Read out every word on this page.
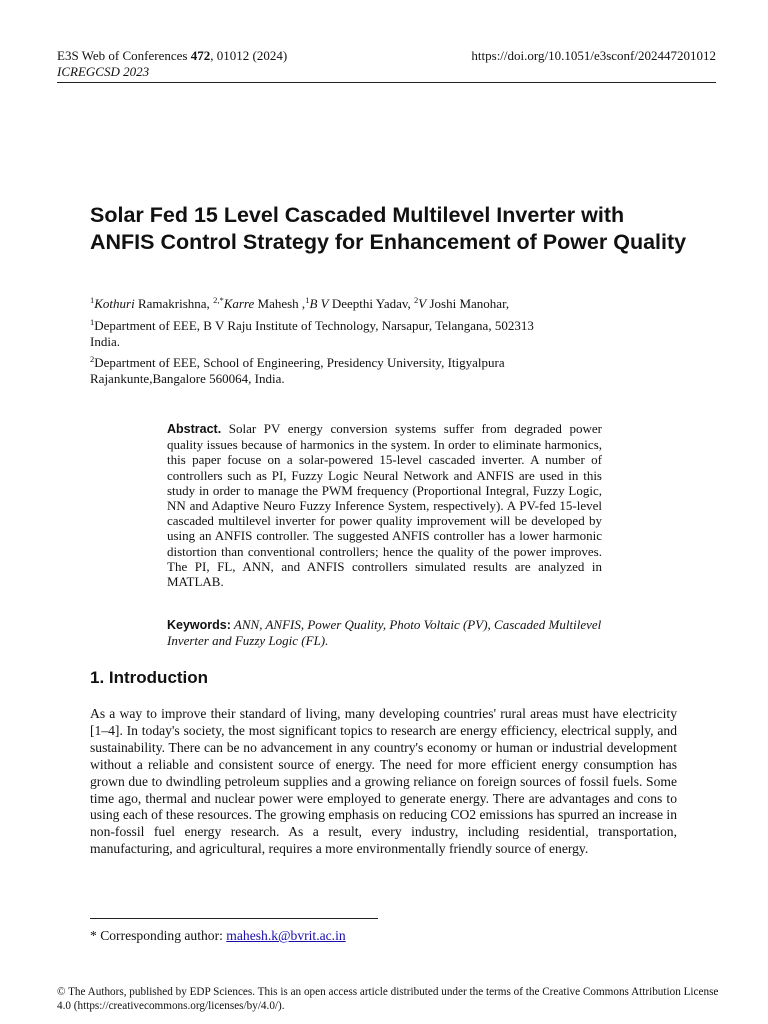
E3S Web of Conferences 472, 01012 (2024)
ICREGCSD 2023
https://doi.org/10.1051/e3sconf/202447201012
Solar Fed 15 Level Cascaded Multilevel Inverter with ANFIS Control Strategy for Enhancement of Power Quality
$^1$Kothuri Ramakrishna, $^{2,*}$Karre Mahesh ,$^1$B V Deepthi Yadav, $^2$V Joshi Manohar,
$^1$Department of EEE, B V Raju Institute of Technology, Narsapur, Telangana, 502313
India.
$^2$Department of EEE, School of Engineering, Presidency University, Itigyalpura
Rajankunte,Bangalore 560064, India.
Abstract. Solar PV energy conversion systems suffer from degraded power quality issues because of harmonics in the system. In order to eliminate harmonics, this paper focuse on a solar-powered 15-level cascaded inverter. A number of controllers such as PI, Fuzzy Logic Neural Network and ANFIS are used in this study in order to manage the PWM frequency (Proportional Integral, Fuzzy Logic, NN and Adaptive Neuro Fuzzy Inference System, respectively). A PV-fed 15-level cascaded multilevel inverter for power quality improvement will be developed by using an ANFIS controller. The suggested ANFIS controller has a lower harmonic distortion than conventional controllers; hence the quality of the power improves. The PI, FL, ANN, and ANFIS controllers simulated results are analyzed in MATLAB.
Keywords: ANN, ANFIS, Power Quality, Photo Voltaic (PV), Cascaded Multilevel Inverter and Fuzzy Logic (FL).
1. Introduction
As a way to improve their standard of living, many developing countries' rural areas must have electricity [1–4]. In today's society, the most significant topics to research are energy efficiency, electrical supply, and sustainability. There can be no advancement in any country's economy or human or industrial development without a reliable and consistent source of energy. The need for more efficient energy consumption has grown due to dwindling petroleum supplies and a growing reliance on foreign sources of fossil fuels. Some time ago, thermal and nuclear power were employed to generate energy. There are advantages and cons to using each of these resources. The growing emphasis on reducing CO2 emissions has spurred an increase in non-fossil fuel energy research. As a result, every industry, including residential, transportation, manufacturing, and agricultural, requires a more environmentally friendly source of energy.
* Corresponding author: mahesh.k@bvrit.ac.in
© The Authors, published by EDP Sciences. This is an open access article distributed under the terms of the Creative Commons Attribution License 4.0 (https://creativecommons.org/licenses/by/4.0/).
